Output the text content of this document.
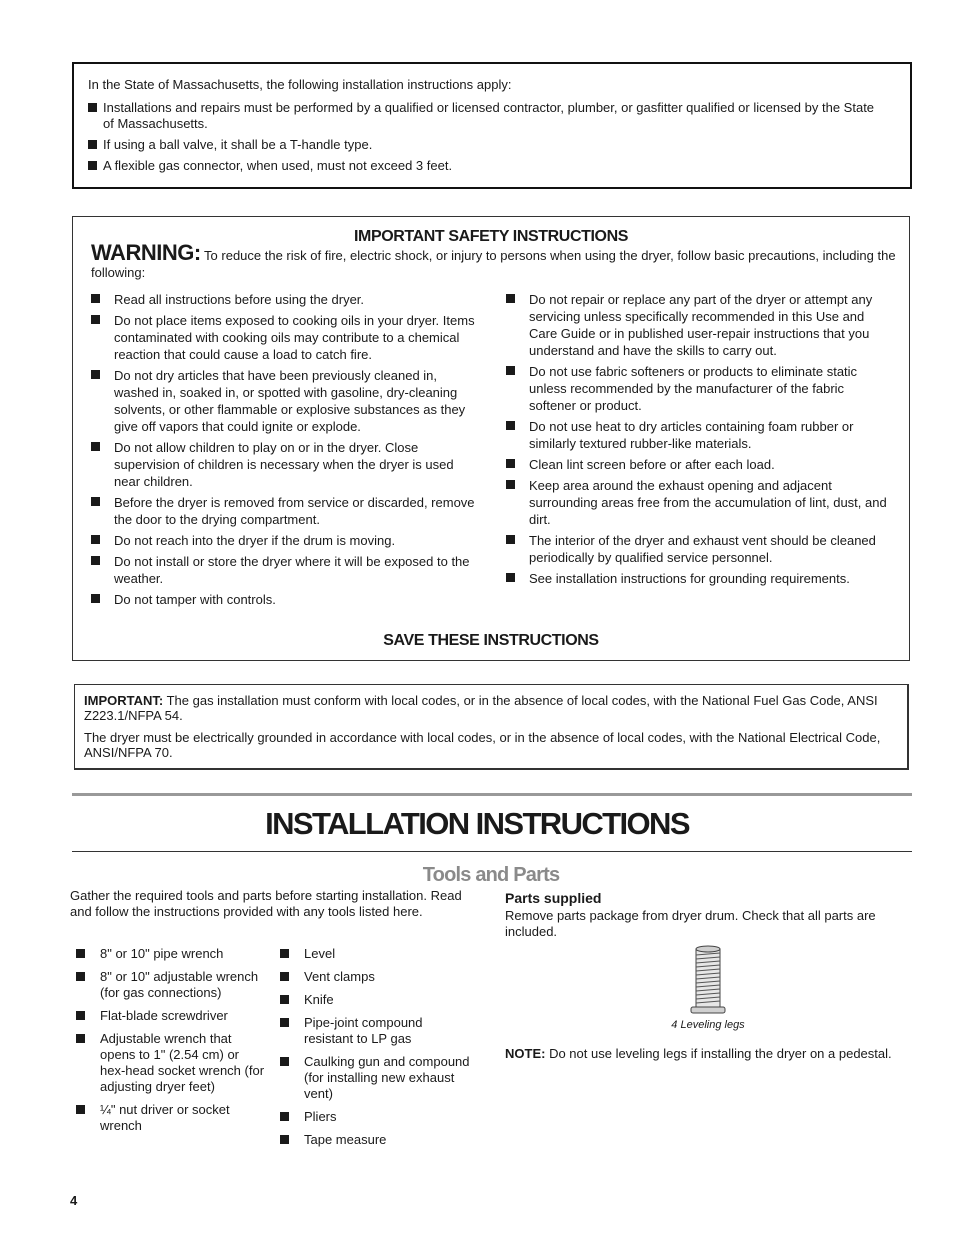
In the State of Massachusetts, the following installation instructions apply:
Installations and repairs must be performed by a qualified or licensed contractor, plumber, or gasfitter qualified or licensed by the State of Massachusetts.
If using a ball valve, it shall be a T-handle type.
A flexible gas connector, when used, must not exceed 3 feet.
IMPORTANT SAFETY INSTRUCTIONS
WARNING: To reduce the risk of fire, electric shock, or injury to persons when using the dryer, follow basic precautions, including the following:
Read all instructions before using the dryer.
Do not place items exposed to cooking oils in your dryer. Items contaminated with cooking oils may contribute to a chemical reaction that could cause a load to catch fire.
Do not dry articles that have been previously cleaned in, washed in, soaked in, or spotted with gasoline, dry-cleaning solvents, or other flammable or explosive substances as they give off vapors that could ignite or explode.
Do not allow children to play on or in the dryer. Close supervision of children is necessary when the dryer is used near children.
Before the dryer is removed from service or discarded, remove the door to the drying compartment.
Do not reach into the dryer if the drum is moving.
Do not install or store the dryer where it will be exposed to the weather.
Do not tamper with controls.
Do not repair or replace any part of the dryer or attempt any servicing unless specifically recommended in this Use and Care Guide or in published user-repair instructions that you understand and have the skills to carry out.
Do not use fabric softeners or products to eliminate static unless recommended by the manufacturer of the fabric softener or product.
Do not use heat to dry articles containing foam rubber or similarly textured rubber-like materials.
Clean lint screen before or after each load.
Keep area around the exhaust opening and adjacent surrounding areas free from the accumulation of lint, dust, and dirt.
The interior of the dryer and exhaust vent should be cleaned periodically by qualified service personnel.
See installation instructions for grounding requirements.
SAVE THESE INSTRUCTIONS

IMPORTANT: The gas installation must conform with local codes, or in the absence of local codes, with the National Fuel Gas Code, ANSI Z223.1/NFPA 54.

The dryer must be electrically grounded in accordance with local codes, or in the absence of local codes, with the National Electrical Code, ANSI/NFPA 70.

INSTALLATION INSTRUCTIONS
Tools and Parts
Gather the required tools and parts before starting installation. Read and follow the instructions provided with any tools listed here.
8" or 10" pipe wrench
8" or 10" adjustable wrench (for gas connections)
Flat-blade screwdriver
Adjustable wrench that opens to 1" (2.54 cm) or hex-head socket wrench (for adjusting dryer feet)
¼" nut driver or socket wrench
Level
Vent clamps
Knife
Pipe-joint compound resistant to LP gas
Caulking gun and compound (for installing new exhaust vent)
Pliers
Tape measure
Parts supplied
Remove parts package from dryer drum. Check that all parts are included.
4 Leveling legs
NOTE: Do not use leveling legs if installing the dryer on a pedestal.
4
